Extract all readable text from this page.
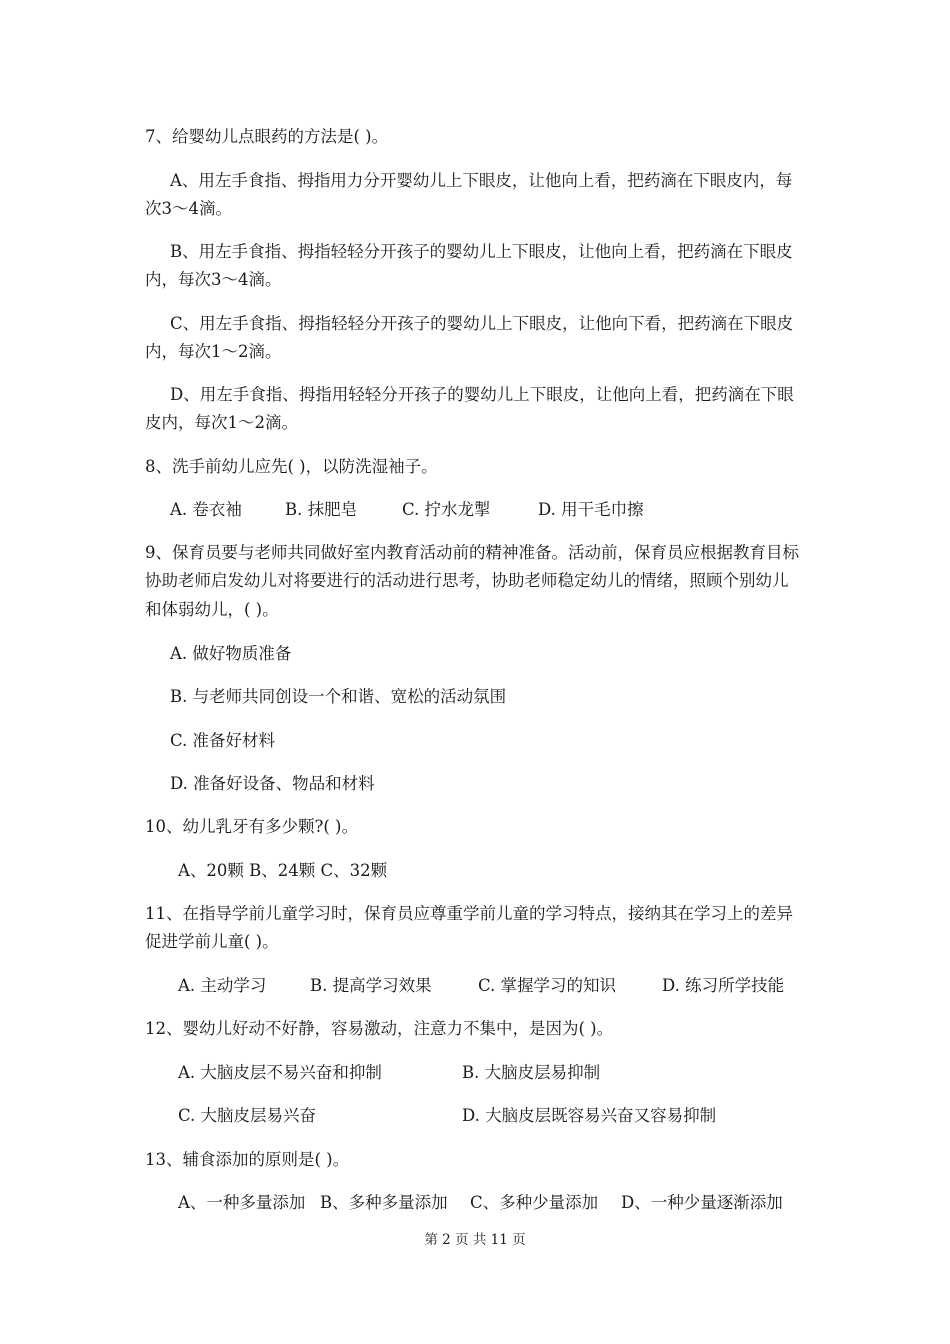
7、给婴幼儿点眼药的方法是( )。
A、用左手食指、拇指用力分开婴幼儿上下眼皮，让他向上看，把药滴在下眼皮内，每
次3～4滴。
B、用左手食指、拇指轻轻分开孩子的婴幼儿上下眼皮，让他向上看，把药滴在下眼皮
内，每次3～4滴。
C、用左手食指、拇指轻轻分开孩子的婴幼儿上下眼皮，让他向下看，把药滴在下眼皮
内，每次1～2滴。
D、用左手食指、拇指用轻轻分开孩子的婴幼儿上下眼皮，让他向上看，把药滴在下眼
皮内，每次1～2滴。
8、洗手前幼儿应先( )，以防洗湿袖子。
A. 卷衣袖	B. 抹肥皂	C. 拧水龙掣	D. 用干毛巾擦
9、保育员要与老师共同做好室内教育活动前的精神准备。活动前，保育员应根据教育目标
协助老师启发幼儿对将要进行的活动进行思考，协助老师稳定幼儿的情绪，照顾个别幼儿
和体弱幼儿，( )。
A. 做好物质准备
B. 与老师共同创设一个和谐、宽松的活动氛围
C. 准备好材料
D. 准备好设备、物品和材料
10、幼儿乳牙有多少颗?( )。
A、20颗 B、24颗 C、32颗
11、在指导学前儿童学习时，保育员应尊重学前儿童的学习特点，接纳其在学习上的差异
促进学前儿童( )。
A. 主动学习	B. 提高学习效果	C. 掌握学习的知识	D. 练习所学技能
12、婴幼儿好动不好静，容易激动，注意力不集中，是因为( )。
A. 大脑皮层不易兴奋和抑制	B. 大脑皮层易抑制
C. 大脑皮层易兴奋	D. 大脑皮层既容易兴奋又容易抑制
13、辅食添加的原则是( )。
A、一种多量添加 B、多种多量添加 C、多种少量添加 D、一种少量逐渐添加
第 2 页 共 11 页
